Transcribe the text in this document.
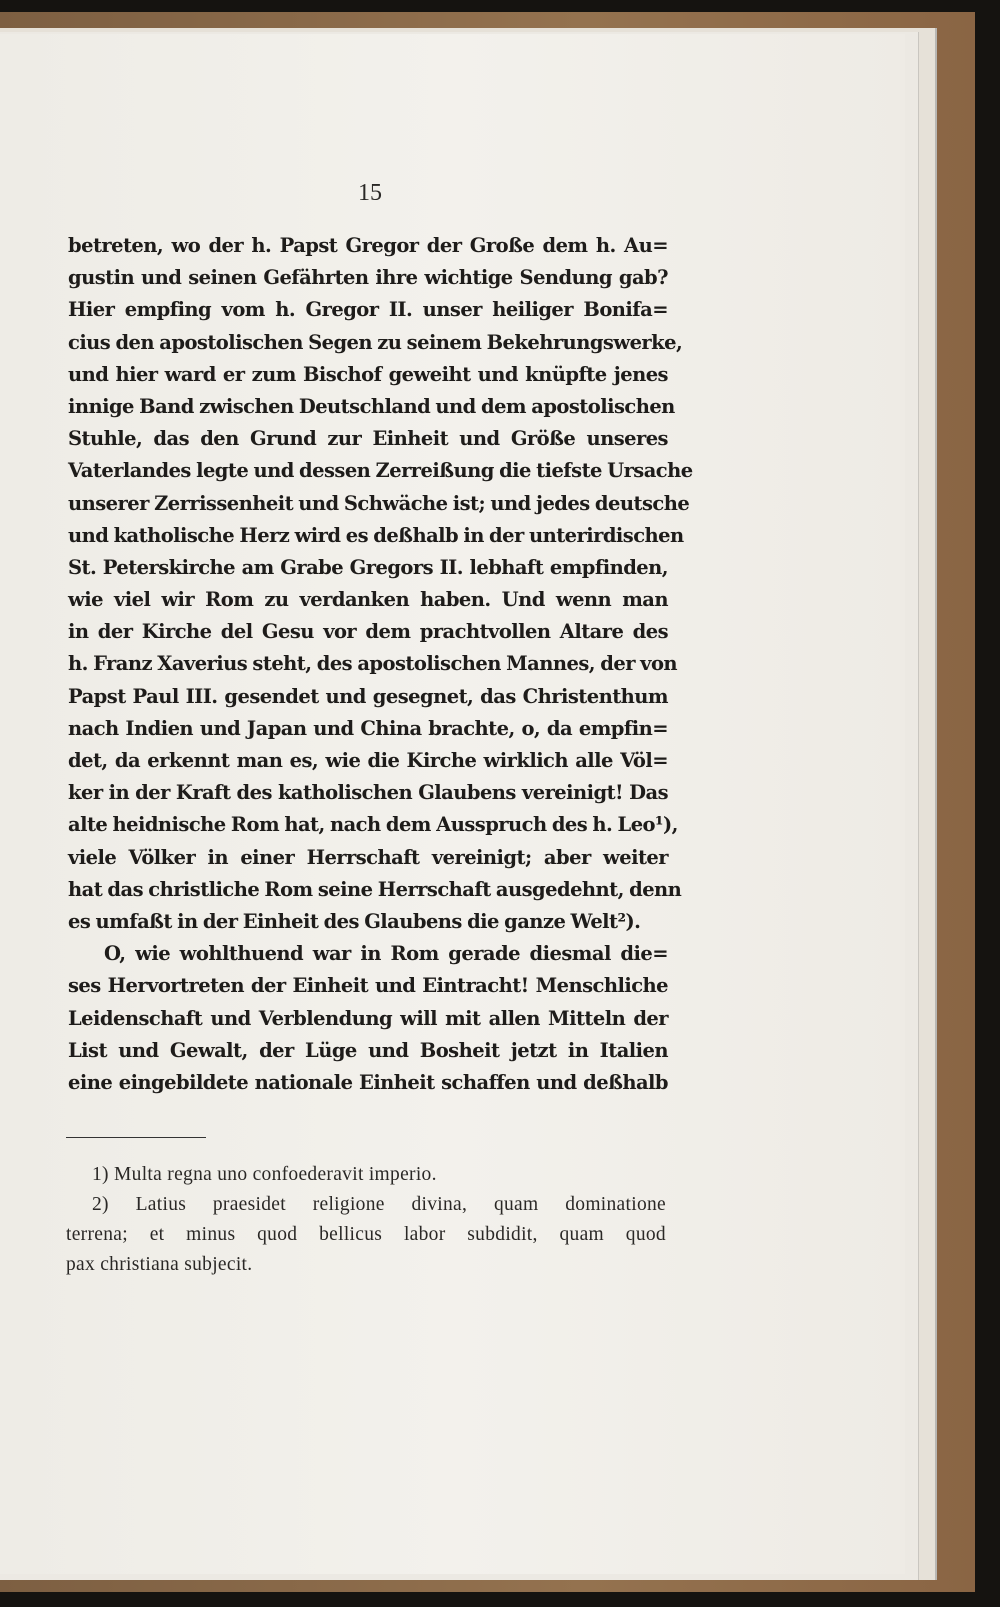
15
betreten, wo der h. Papst Gregor der Große dem h. Au=
gustin und seinen Gefährten ihre wichtige Sendung gab?
Hier empfing vom h. Gregor II. unser heiliger Bonifa=
cius den apostolischen Segen zu seinem Bekehrungswerke,
und hier ward er zum Bischof geweiht und knüpfte jenes
innige Band zwischen Deutschland und dem apostolischen
Stuhle, das den Grund zur Einheit und Größe unseres
Vaterlandes legte und dessen Zerreißung die tiefste Ursache
unserer Zerrissenheit und Schwäche ist; und jedes deutsche
und katholische Herz wird es deßhalb in der unterirdischen
St. Peterskirche am Grabe Gregors II. lebhaft empfinden,
wie viel wir Rom zu verdanken haben. Und wenn man
in der Kirche del Gesu vor dem prachtvollen Altare des
h. Franz Xaverius steht, des apostolischen Mannes, der von
Papst Paul III. gesendet und gesegnet, das Christenthum
nach Indien und Japan und China brachte, o, da empfin=
det, da erkennt man es, wie die Kirche wirklich alle Völ=
ker in der Kraft des katholischen Glaubens vereinigt! Das
alte heidnische Rom hat, nach dem Ausspruch des h. Leo¹),
viele Völker in einer Herrschaft vereinigt; aber weiter
hat das christliche Rom seine Herrschaft ausgedehnt, denn
es umfaßt in der Einheit des Glaubens die ganze Welt²).
O, wie wohlthuend war in Rom gerade diesmal die=
ses Hervortreten der Einheit und Eintracht! Menschliche
Leidenschaft und Verblendung will mit allen Mitteln der
List und Gewalt, der Lüge und Bosheit jetzt in Italien
eine eingebildete nationale Einheit schaffen und deßhalb
1) Multa regna uno confoederavit imperio.
2) Latius praesidet religione divina, quam dominatione
terrena; et minus quod bellicus labor subdidit, quam quod
pax christiana subjecit.
